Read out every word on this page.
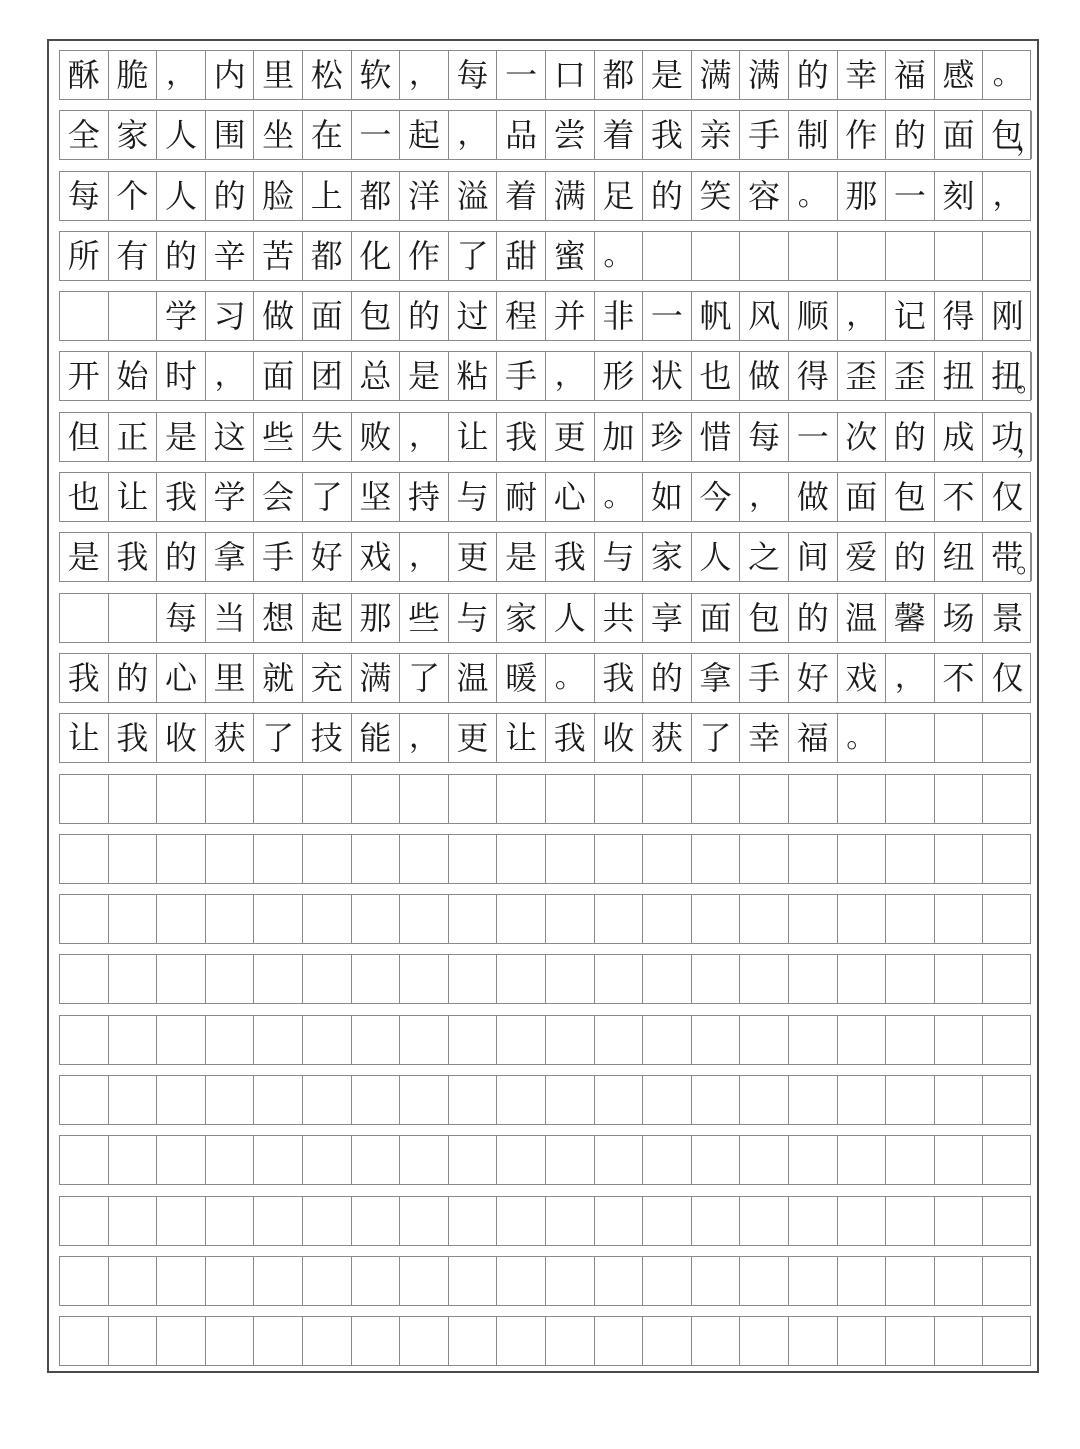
酥 脆 ， 内 里 松 软 ， 每 一 口 都 是 满 满 的 幸 福 感 。
全 家 人 围 坐 在 一 起 ， 品 尝 着 我 亲 手 制 作 的 面 包
，
每 个 人 的 脸 上 都 洋 溢 着 满 足 的 笑 容 。 那 一 刻 ，
所 有 的 辛 苦 都 化 作 了 甜 蜜 。
学 习 做 面 包 的 过 程 并 非 一 帆 风 顺 ， 记 得 刚
开 始 时 ， 面 团 总 是 粘 手 ， 形 状 也 做 得 歪 歪 扭 扭
。
但 正 是 这 些 失 败 ， 让 我 更 加 珍 惜 每 一 次 的 成 功
，
也 让 我 学 会 了 坚 持 与 耐 心 。 如 今 ， 做 面 包 不 仅
是 我 的 拿 手 好 戏 ， 更 是 我 与 家 人 之 间 爱 的 纽 带
。
每 当 想 起 那 些 与 家 人 共 享 面 包 的 温 馨 场 景
我 的 心 里 就 充 满 了 温 暖 。 我 的 拿 手 好 戏 ， 不 仅
让 我 收 获 了 技 能 ， 更 让 我 收 获 了 幸 福 。
